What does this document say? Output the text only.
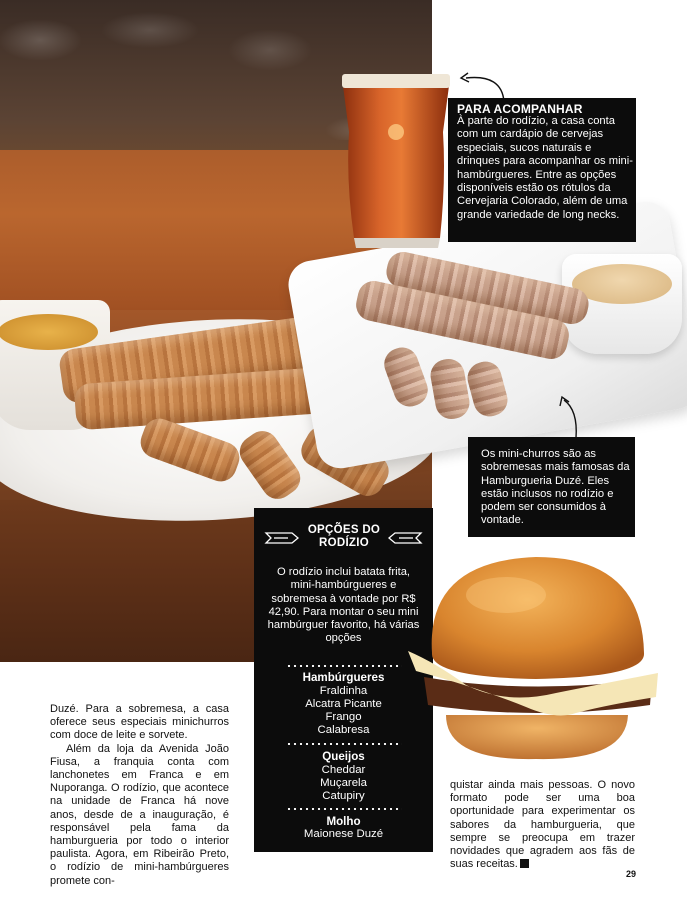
PARA ACOMPANHAR
À parte do rodízio, a casa conta com um cardápio de cervejas especiais, sucos naturais e drinques para acompanhar os mini-hambúrgueres. Entre as opções disponíveis estão os rótulos da Cervejaria Colorado, além de uma grande variedade de long necks.
Os mini-churros são as sobremesas mais famosas da Hamburgueria Duzé. Eles estão inclusos no rodízio e podem ser consumidos à vontade.
OPÇÕES DO RODÍZIO
O rodízio inclui batata frita, mini-hambúrgueres e sobremesa à vontade por R$ 42,90. Para montar o seu mini hambúrguer favorito, há várias opções
Hambúrgueres
Fraldinha
Alcatra Picante
Frango
Calabresa
Queijos
Cheddar
Muçarela
Catupiry
Molho
Maionese Duzé

Duzé. Para a sobremesa, a casa oferece seus especiais minichurros com doce de leite e sorvete.

Além da loja da Avenida João Fiusa, a franquia conta com lanchonetes em Franca e em Nuporanga. O rodízio, que acontece na unidade de Franca há nove anos, desde de a inauguração, é responsável pela fama da hamburgueria por todo o interior paulista. Agora, em Ribeirão Preto, o rodízio de mini-hambúrgueres promete con-

quistar ainda mais pessoas. O novo formato pode ser uma boa oportunidade para experimentar os sabores da hamburgueria, que sempre se preocupa em trazer novidades que agradem aos fãs de suas receitas.

29
